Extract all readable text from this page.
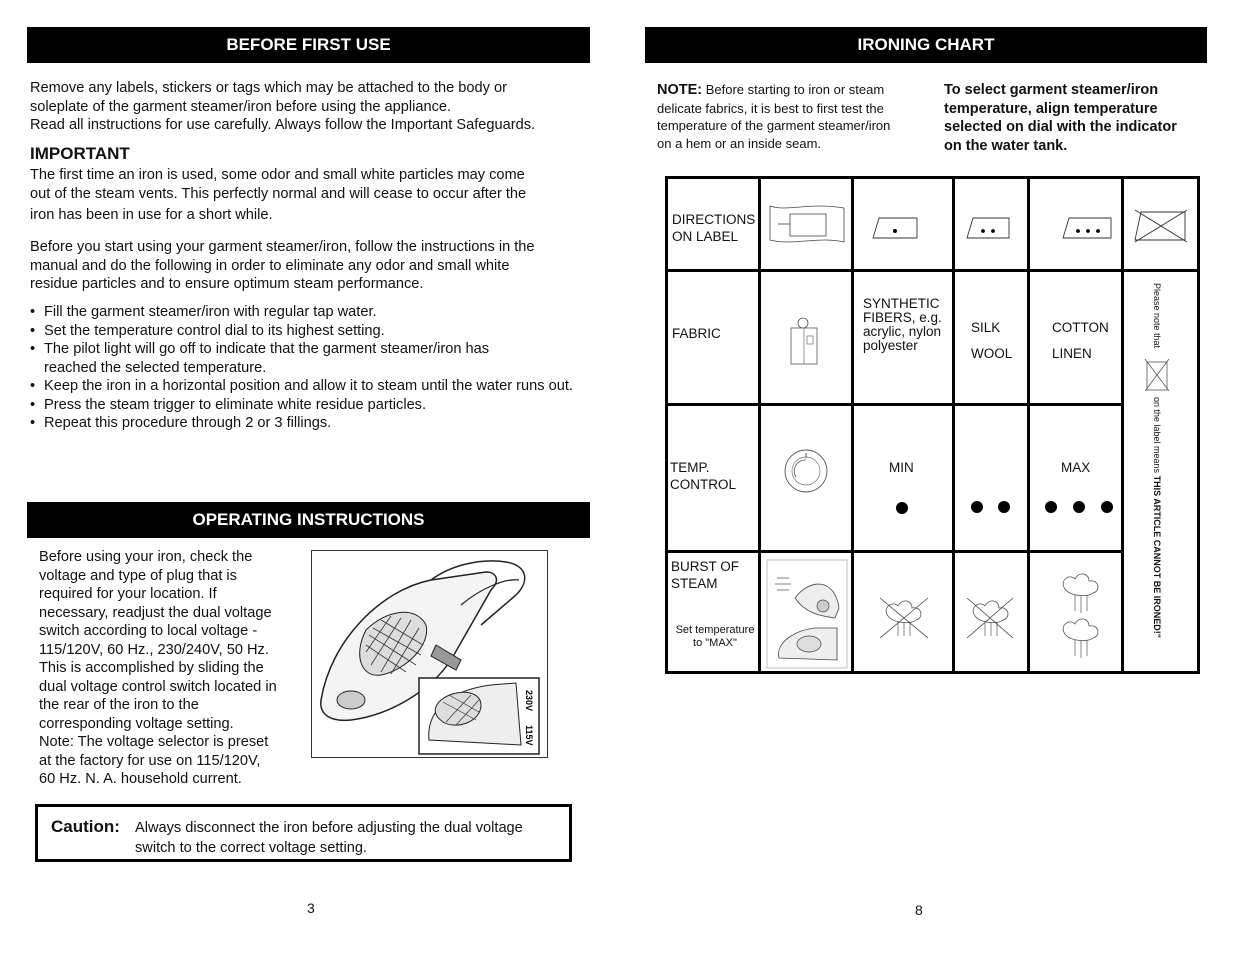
BEFORE FIRST USE
Remove any labels, stickers or tags which may be attached to the body or
soleplate of the garment steamer/iron before using the appliance.
Read all instructions for use carefully. Always follow the Important Safeguards.
IMPORTANT
The first time an iron is used, some odor and small white particles may come
out of the steam vents. This perfectly normal and will cease to occur after the
iron has been in use for a short while.
Before you start using your garment steamer/iron, follow the instructions in the
manual and do the following in order to eliminate any odor and small white
residue particles and to ensure optimum steam performance.
• Fill the garment steamer/iron with regular tap water.
• Set the temperature control dial to its highest setting.
• The pilot light will go off to indicate that the garment steamer/iron has reached the selected temperature.
• Keep the iron in a horizontal position and allow it to steam until the water runs out.
• Press the steam trigger to eliminate white residue particles.
• Repeat this procedure through 2 or 3 fillings.
OPERATING INSTRUCTIONS
Before using your iron, check the
voltage and type of plug that is
required for your location. If
necessary, readjust the dual voltage
switch according to local voltage -
115/120V, 60 Hz., 230/240V, 50 Hz.
This is accomplished by sliding the
dual voltage control switch located in
the rear of the iron to the
corresponding voltage setting.
Note: The voltage selector is preset
at the factory for use on 115/120V,
60 Hz. N. A. household current.
230V
115V
Caution: Always disconnect the iron before adjusting the dual voltage
switch to the correct voltage setting.
3
IRONING CHART
NOTE: Before starting to iron or steam
delicate fabrics, it is best to first test the
temperature of the garment steamer/iron
on a hem or an inside seam.
To select garment steamer/iron
temperature, align temperature
selected on dial with the indicator
on the water tank.
DIRECTIONS
ON LABEL
FABRIC
SYNTHETIC
FIBERS, e.g.
acrylic, nylon
polyester
SILK
WOOL
COTTON
LINEN
TEMP.
CONTROL
MIN	MAX
BURST OF
STEAM
Set temperature
to "MAX"
Please note that
on the label means THIS ARTICLE CANNOT BE IRONED!"
8
